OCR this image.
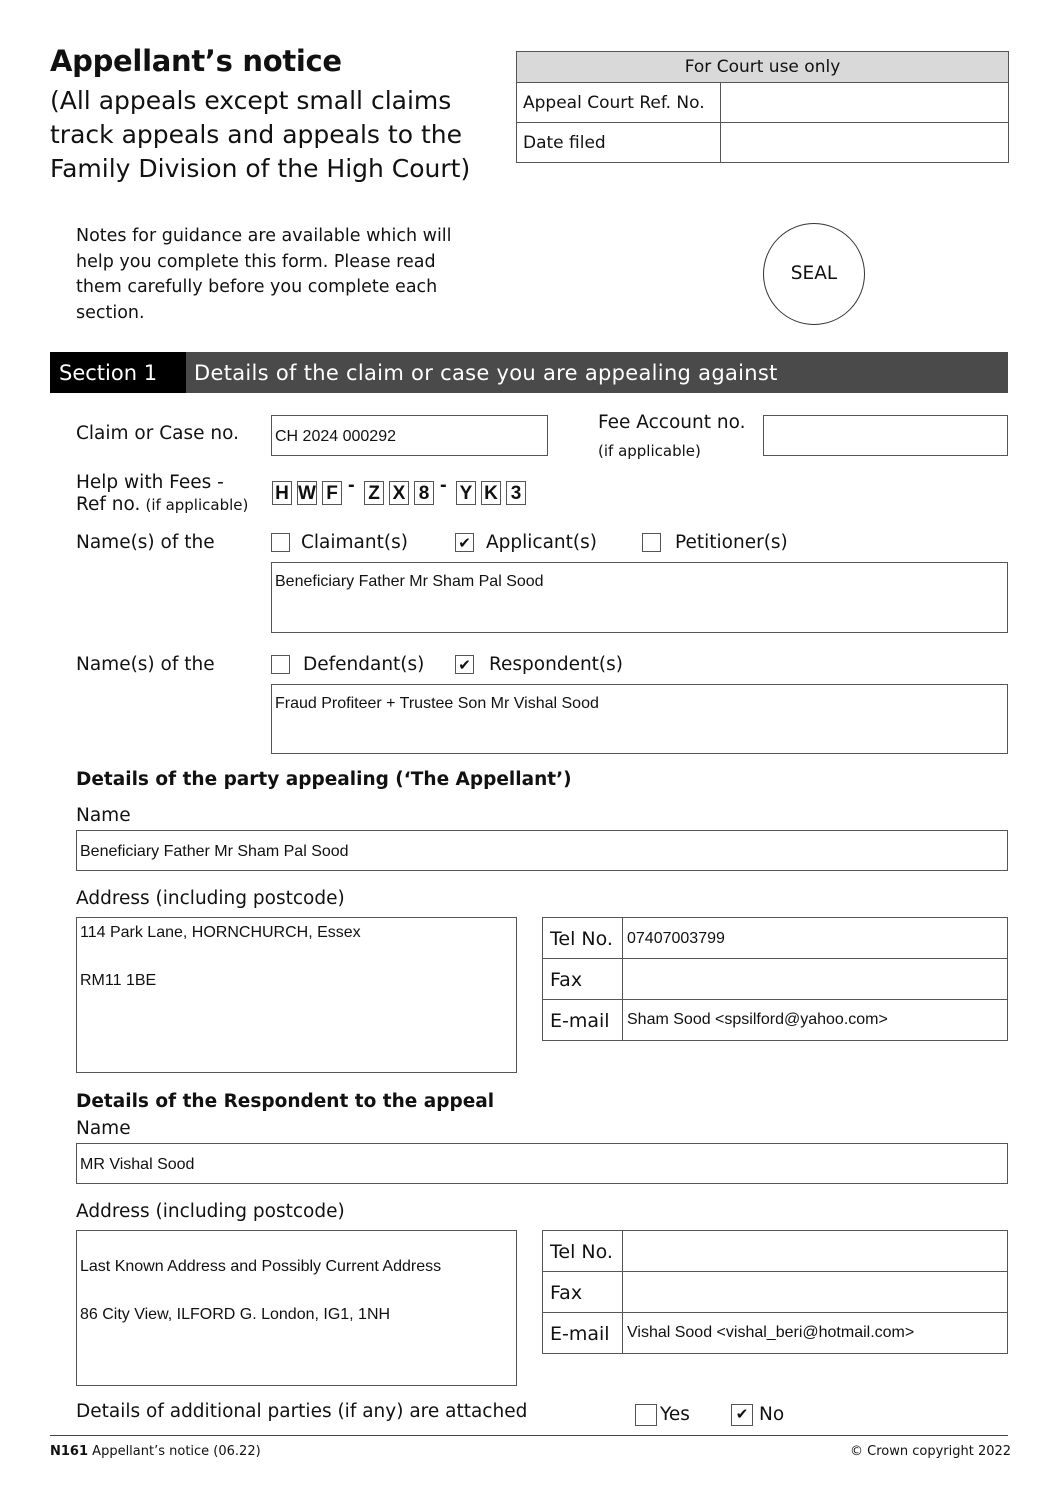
Appellant’s notice
(All appeals except small claims track appeals and appeals to the Family Division of the High Court)
For Court use only
Appeal Court Ref. No.
Date filed
Notes for guidance are available which will help you complete this form. Please read them carefully before you complete each section.
SEAL
Section 1	Details of the claim or case you are appealing against
Claim or Case no. CH 2024 000292
Fee Account no.
(if applicable)
Help with Fees -
Ref no. (if applicable)
H W F - Z X 8 - Y K 3
Name(s) of the	Claimant(s)	✔ Applicant(s)	Petitioner(s)
Beneficiary Father Mr Sham Pal Sood
Name(s) of the	Defendant(s) ✔ Respondent(s)
Fraud Profiteer + Trustee Son Mr Vishal Sood
Details of the party appealing (‘The Appellant’)
Name
Beneficiary Father Mr Sham Pal Sood
Address (including postcode)
114 Park Lane, HORNCHURCH, Essex
RM11 1BE
Tel No. 07407003799
Fax
E-mail Sham Sood <spsilford@yahoo.com>
Details of the Respondent to the appeal
Name
MR Vishal Sood
Address (including postcode)
Last Known Address and Possibly Current Address
86 City View, ILFORD G. London, IG1, 1NH
Tel No.
Fax
E-mail Vishal Sood <vishal_beri@hotmail.com>
Details of additional parties (if any) are attached	Yes	✔ No
N161 Appellant’s notice (06.22)	© Crown copyright 2022
